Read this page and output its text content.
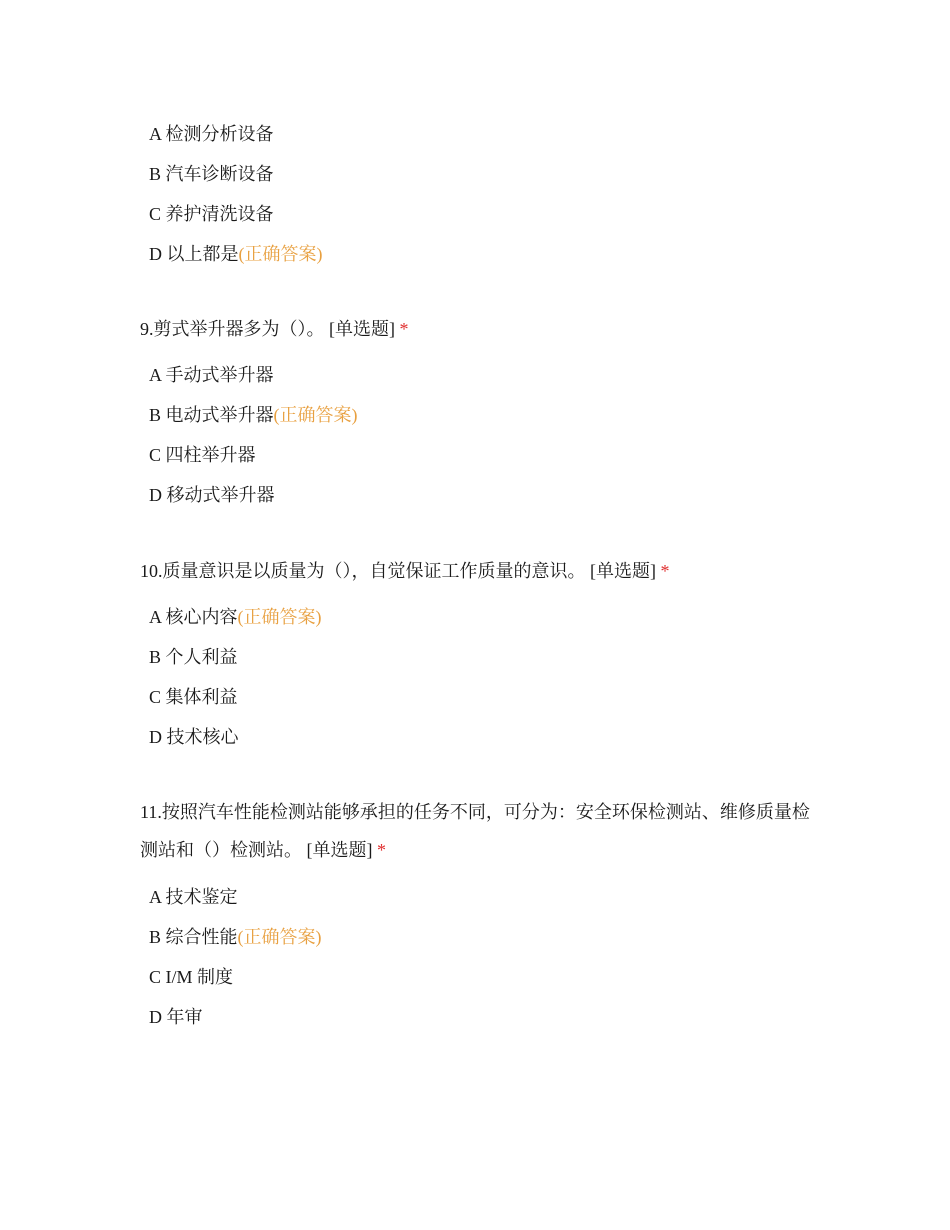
A 检测分析设备
B 汽车诊断设备
C 养护清洗设备
D 以上都是(正确答案)
9.剪式举升器多为（）。 [单选题] *
A 手动式举升器
B 电动式举升器(正确答案)
C 四柱举升器
D 移动式举升器
10.质量意识是以质量为（），自觉保证工作质量的意识。 [单选题] *
A 核心内容(正确答案)
B 个人利益
C 集体利益
D 技术核心
11.按照汽车性能检测站能够承担的任务不同，可分为：安全环保检测站、维修质量检测站和（）检测站。 [单选题] *
A 技术鉴定
B 综合性能(正确答案)
C I/M 制度
D 年审
